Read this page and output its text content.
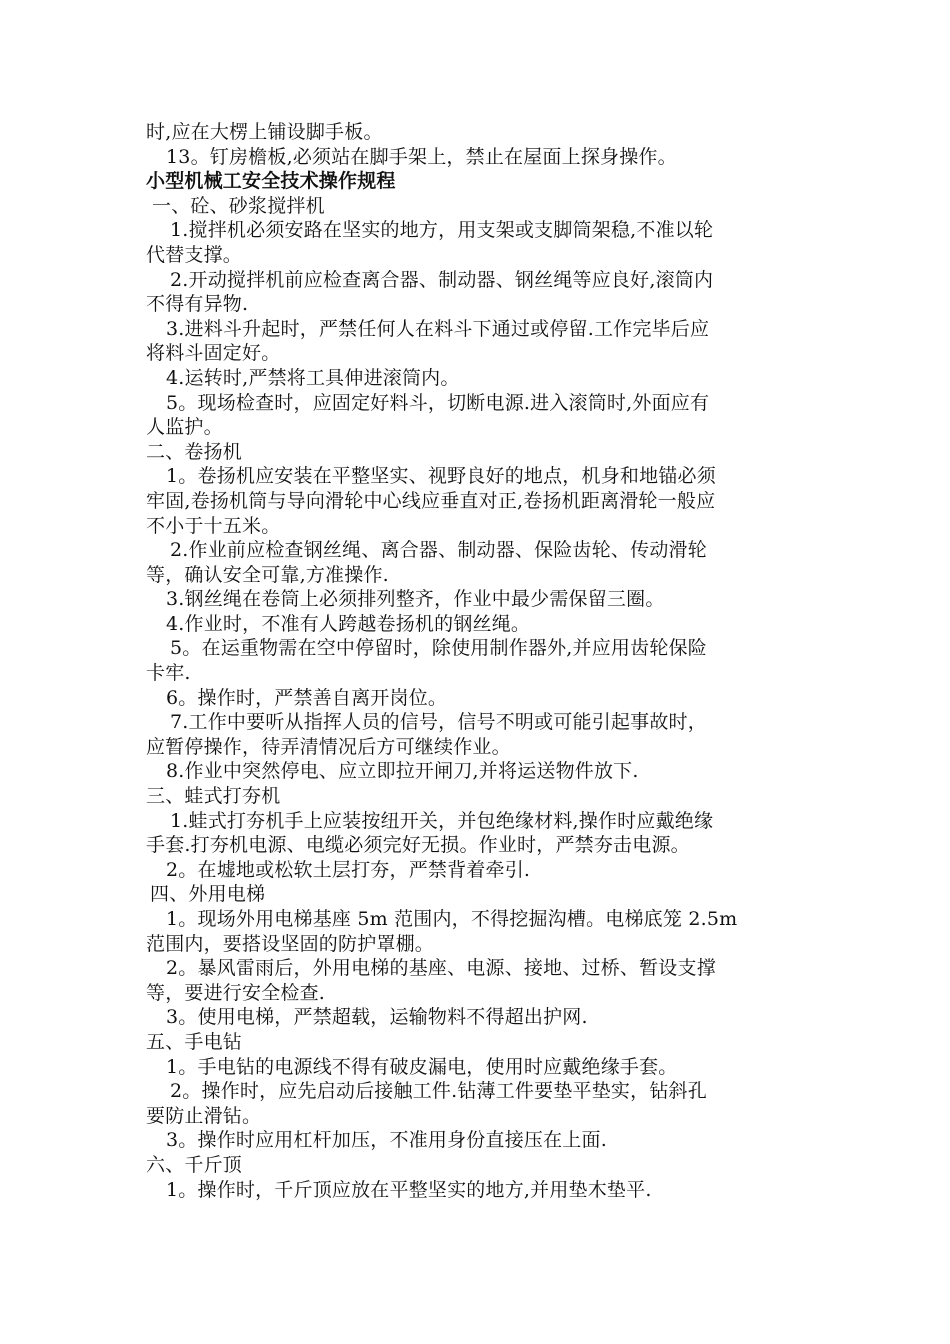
时,应在大楞上铺设脚手板。
13。钉房檐板,必须站在脚手架上，禁止在屋面上探身操作。
小型机械工安全技术操作规程
一、砼、砂浆搅拌机
1.搅拌机必须安路在坚实的地方，用支架或支脚筒架稳,不准以轮
代替支撑。
2.开动搅拌机前应检查离合器、制动器、钢丝绳等应良好,滚筒内
不得有异物.
3.进料斗升起时，严禁任何人在料斗下通过或停留.工作完毕后应
将料斗固定好。
4.运转时,严禁将工具伸进滚筒内。
5。现场检查时，应固定好料斗，切断电源.进入滚筒时,外面应有
人监护。
二、卷扬机
1。卷扬机应安装在平整坚实、视野良好的地点，机身和地锚必须
牢固,卷扬机筒与导向滑轮中心线应垂直对正,卷扬机距离滑轮一般应
不小于十五米。
2.作业前应检查钢丝绳、离合器、制动器、保险齿轮、传动滑轮
等，确认安全可靠,方准操作.
3.钢丝绳在卷筒上必须排列整齐，作业中最少需保留三圈。
4.作业时，不准有人跨越卷扬机的钢丝绳。
5。在运重物需在空中停留时，除使用制作器外,并应用齿轮保险
卡牢.
6。操作时，严禁善自离开岗位。
7.工作中要听从指挥人员的信号，信号不明或可能引起事故时，
应暂停操作，待弄清情况后方可继续作业。
8.作业中突然停电、应立即拉开闸刀,并将运送物件放下.
三、蛙式打夯机
1.蛙式打夯机手上应装按纽开关，并包绝缘材料,操作时应戴绝缘
手套.打夯机电源、电缆必须完好无损。作业时，严禁夯击电源。
2。在墟地或松软土层打夯，严禁背着牵引.
四、外用电梯
1。现场外用电梯基座 5m 范围内，不得挖掘沟槽。电梯底笼 2.5m
范围内，要搭设坚固的防护罩棚。
2。暴风雷雨后，外用电梯的基座、电源、接地、过桥、暂设支撑
等，要进行安全检查.
3。使用电梯，严禁超载，运输物料不得超出护网.
五、手电钻
1。手电钻的电源线不得有破皮漏电，使用时应戴绝缘手套。
2。操作时，应先启动后接触工件.钻薄工件要垫平垫实，钻斜孔
要防止滑钻。
3。操作时应用杠杆加压，不准用身份直接压在上面.
六、千斤顶
1。操作时，千斤顶应放在平整坚实的地方,并用垫木垫平.
